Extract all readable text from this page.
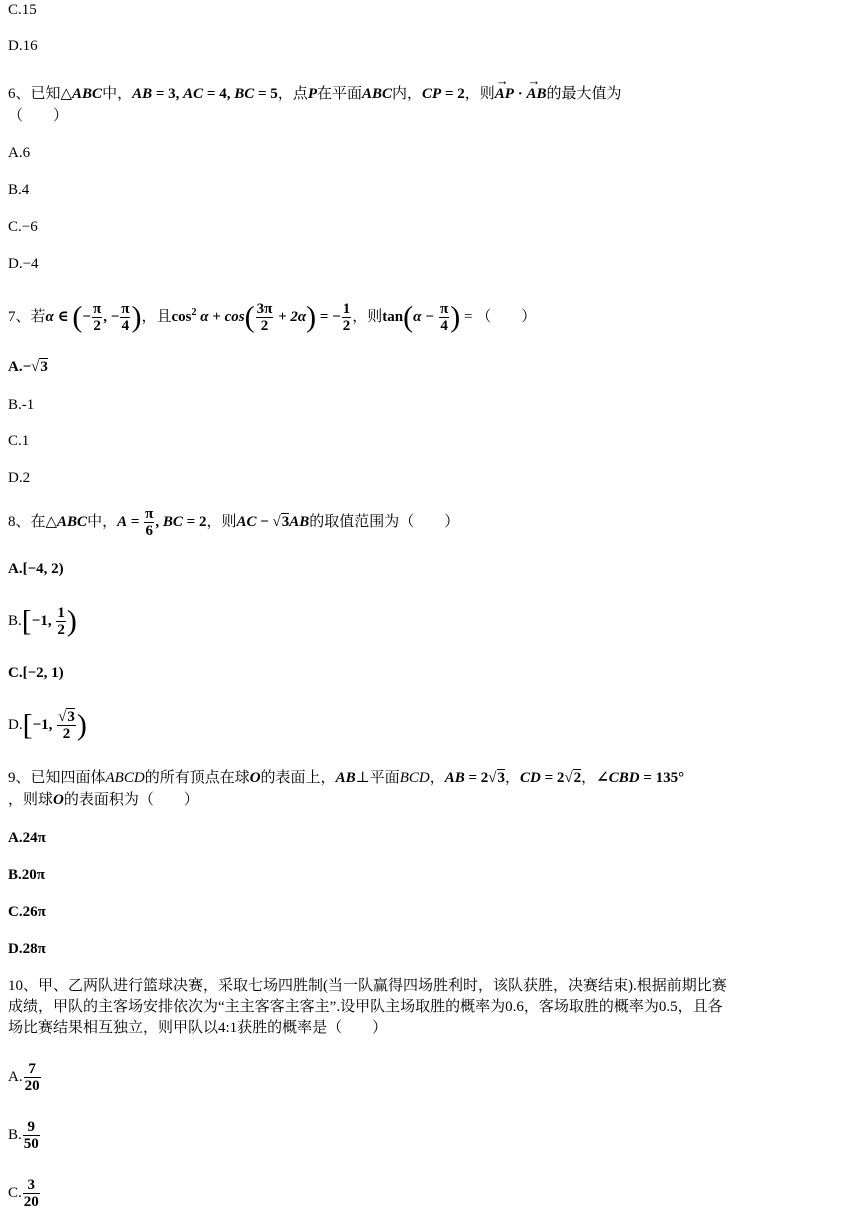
C.15
D.16
6、已知△ABC中，AB = 3, AC = 4, BC = 5，点P在平面ABC内，CP = 2，则→ AP · → AB的最大值为
（　　）
A.6
B.4
C.−6
D.−4
7、若α ∈ (− $\frac{\pi}{2}$ , − $\frac{\pi}{4}$ )，且$\cos^2 \alpha + \cos( \frac{3\pi}{2} + 2\alpha)$ = − $\frac{1}{2}$ ，则$\tan(\alpha - \frac{\pi}{4}$ ) = （　　）
A.−√3
B.-1
C.1
D.2
8、在△ABC中，$A = \frac{\pi}{6}$ , BC = 2，则AC − √3AB的取值范围为（　　）
A.[−4, 2)
B.[−1, $\frac{1}{2}$ )
C.[−2, 1)
D.[−1, $\frac{√3}{2}$ )
9、已知四面体ABCD的所有顶点在球O的表面上，AB⊥平面BCD，AB = 2√3，CD = 2√2，∠CBD = 135°
，则球O的表面积为（　　）
A.24π
B.20π
C.26π
D.28π
10、甲、乙两队进行篮球决赛，采取七场四胜制(当一队赢得四场胜利时，该队获胜，决赛结束).根据前期比赛
成绩，甲队的主客场安排依次为“主主客客主客主”.设甲队主场取胜的概率为0.6，客场取胜的概率为0.5，且各
场比赛结果相互独立，则甲队以4:1获胜的概率是（　　）
A. $\frac{7}{20}$
B. $\frac{9}{50}$
C. $\frac{3}{20}$
